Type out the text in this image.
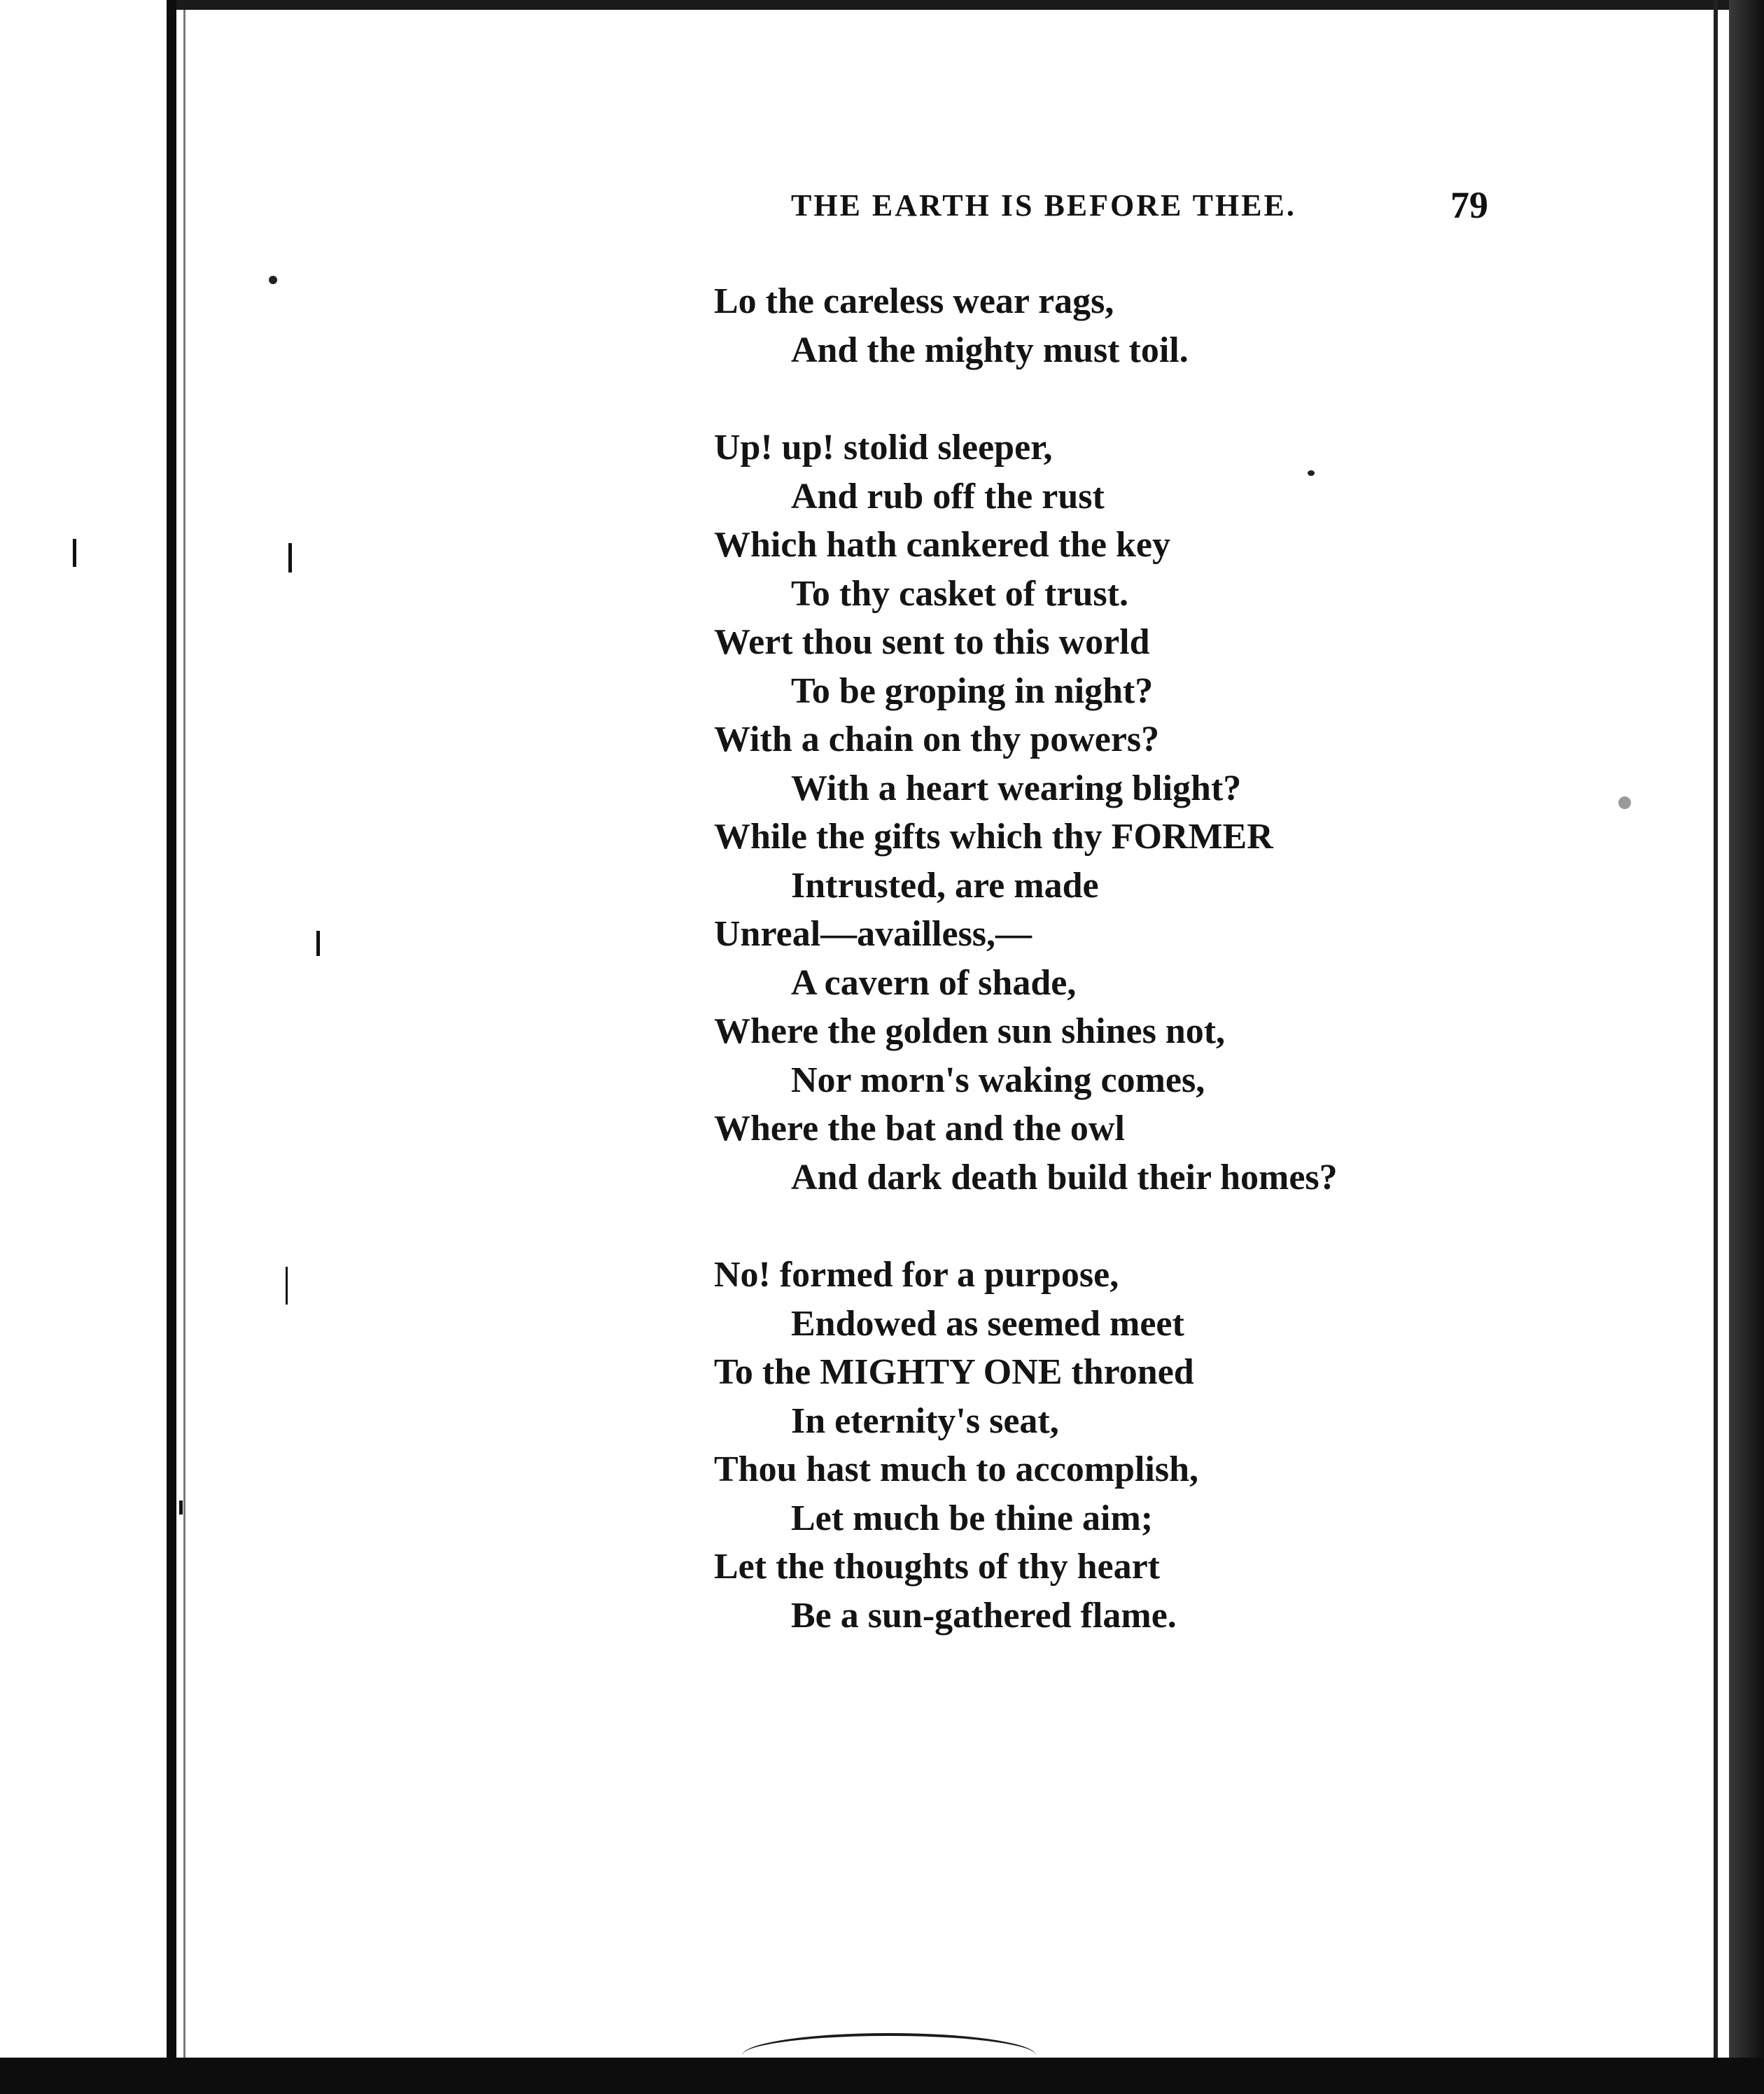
THE EARTH IS BEFORE THEE.	79
Lo the careless wear rags,
And the mighty must toil.
Up! up! stolid sleeper,
And rub off the rust
Which hath cankered the key
To thy casket of trust.
Wert thou sent to this world
To be groping in night?
With a chain on thy powers?
With a heart wearing blight?
While the gifts which thy FORMER
Intrusted, are made
Unreal—availless,—
A cavern of shade,
Where the golden sun shines not,
Nor morn's waking comes,
Where the bat and the owl
And dark death build their homes?
No! formed for a purpose,
Endowed as seemed meet
To the MIGHTY ONE throned
In eternity's seat,
Thou hast much to accomplish,
Let much be thine aim;
Let the thoughts of thy heart
Be a sun-gathered flame.
